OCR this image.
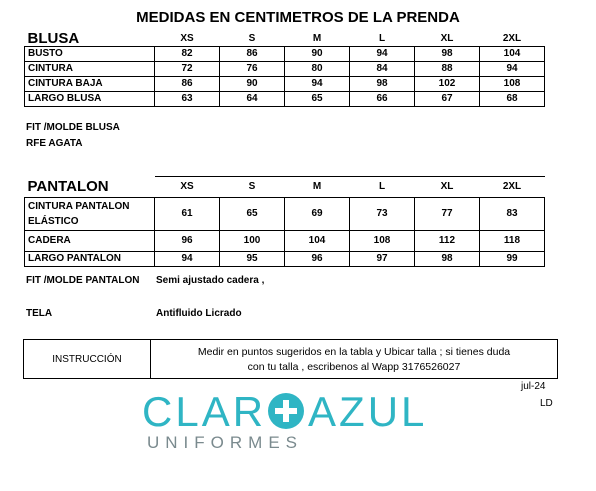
MEDIDAS EN CENTIMETROS DE LA PRENDA
BLUSA	XS	S	M	L	XL	2XL
BUSTO	82	86	90	94	98	104
CINTURA	72	76	80	84	88	94
CINTURA BAJA	86	90	94	98	102	108
LARGO BLUSA	63	64	65	66	67	68
FIT /MOLDE BLUSA
RFE AGATA
PANTALON	XS	S	M	L	XL	2XL

CINTURA PANTALON
ELÁSTICO	61	65	69	73	77	83
CADERA	96	100	104	108	112	118
LARGO PANTALON	94	95	96	97	98	99
FIT /MOLDE PANTALON Semi ajustado cadera ,
TELA	Antifluido Licrado
INSTRUCCIÓN
Medir en puntos sugeridos en la tabla y Ubicar talla ; si tienes duda
con tu talla , escribenos al Wapp 3176526027
jul-24
LD
CLAR AZUL
UNIFORMES
